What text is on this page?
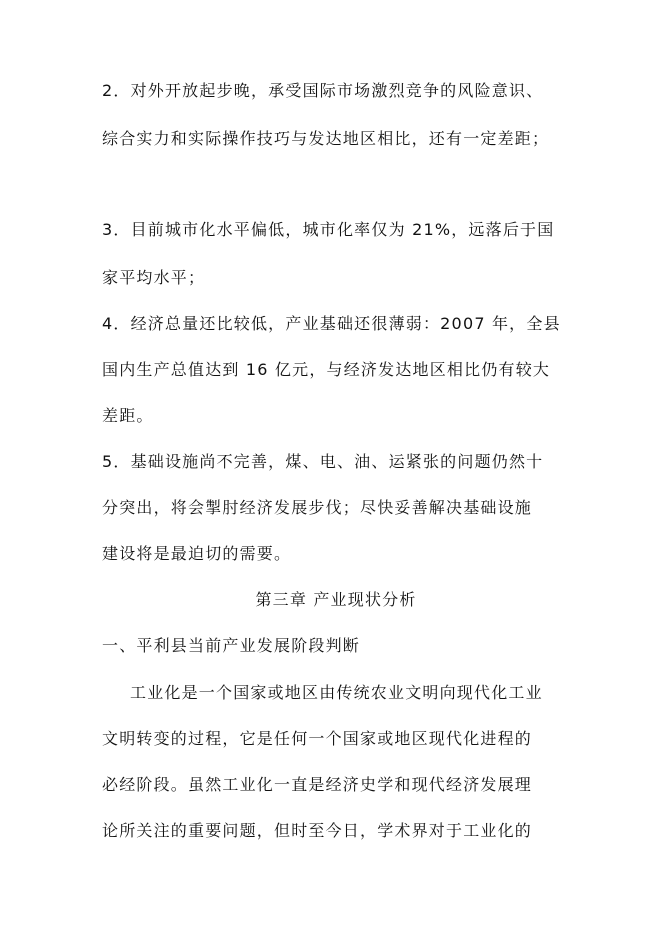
2．对外开放起步晚，承受国际市场激烈竞争的风险意识、
综合实力和实际操作技巧与发达地区相比，还有一定差距；
3．目前城市化水平偏低，城市化率仅为 21%，远落后于国
家平均水平；
4．经济总量还比较低，产业基础还很薄弱：2007 年，全县
国内生产总值达到 16 亿元，与经济发达地区相比仍有较大
差距。
5．基础设施尚不完善，煤、电、油、运紧张的问题仍然十
分突出，将会掣肘经济发展步伐；尽快妥善解决基础设施
建设将是最迫切的需要。
第三章 产业现状分析
一、平利县当前产业发展阶段判断
工业化是一个国家或地区由传统农业文明向现代化工业
文明转变的过程，它是任何一个国家或地区现代化进程的
必经阶段。虽然工业化一直是经济史学和现代经济发展理
论所关注的重要问题，但时至今日，学术界对于工业化的
